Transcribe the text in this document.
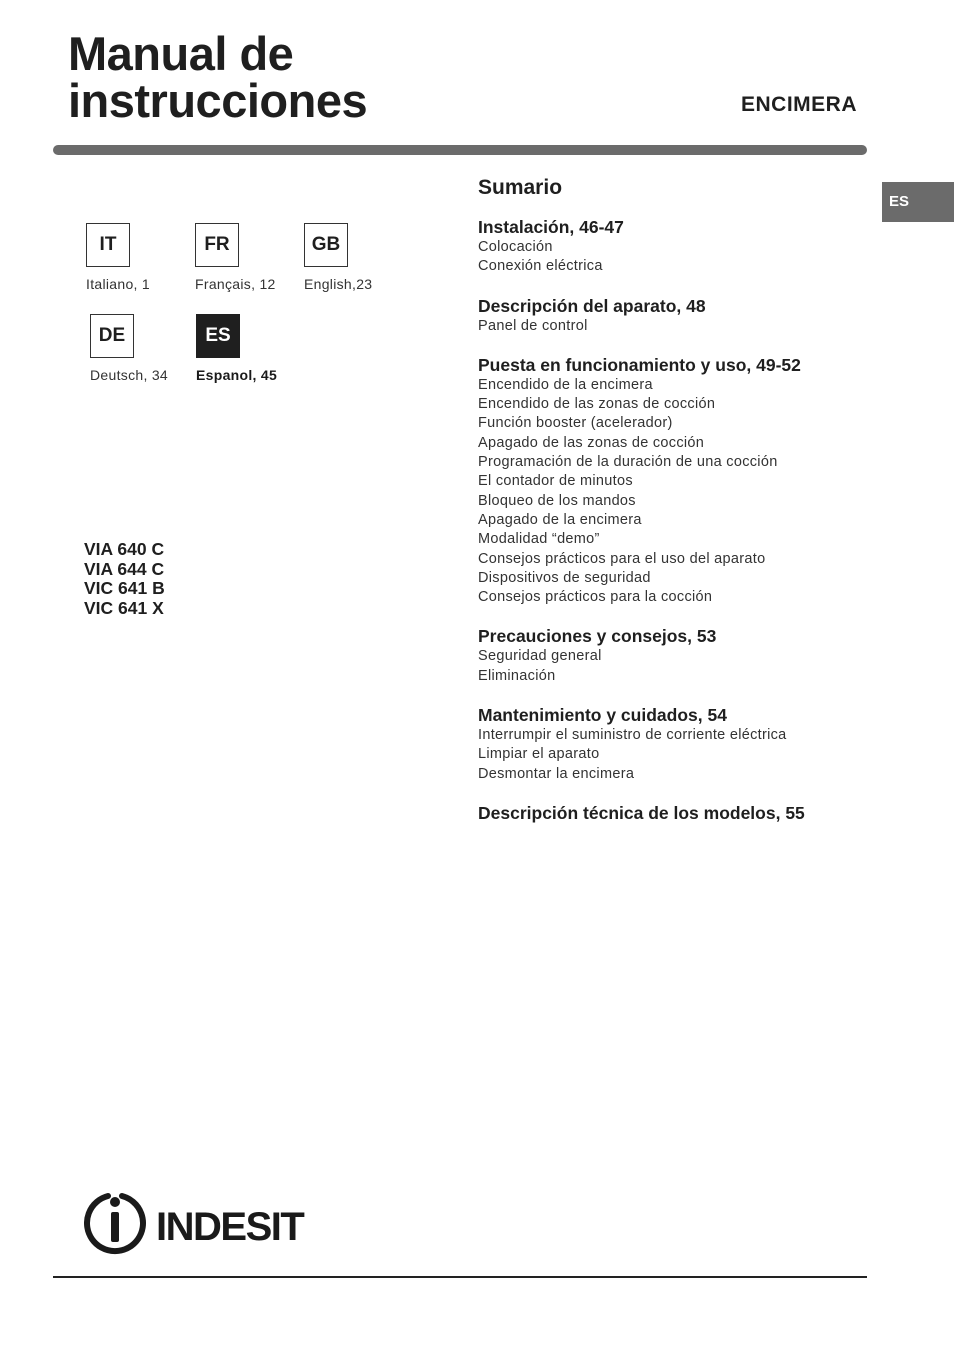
Manual de
instrucciones	ENCIMERA
ES
IT
Italiano, 1
FR
Français, 12
GB
English,23
DE
Deutsch, 34
ES
Espanol, 45
VIA 640 C
VIA 644 C
VIC 641 B
VIC 641 X
Sumario
Instalación, 46-47
Colocación
Conexión eléctrica
Descripción del aparato, 48
Panel de control
Puesta en funcionamiento y uso, 49-52
Encendido de la encimera
Encendido de las zonas de cocción
Función booster (acelerador)
Apagado de las zonas de cocción
Programación de la duración de una cocción
El contador de minutos
Bloqueo de los mandos
Apagado de la encimera
Modalidad “demo”
Consejos prácticos para el uso del aparato
Dispositivos de seguridad
Consejos prácticos para la cocción
Precauciones y consejos, 53
Seguridad general
Eliminación
Mantenimiento y cuidados, 54
Interrumpir el suministro de corriente eléctrica
Limpiar el aparato
Desmontar la encimera
Descripción técnica de los modelos, 55
INDESIT
